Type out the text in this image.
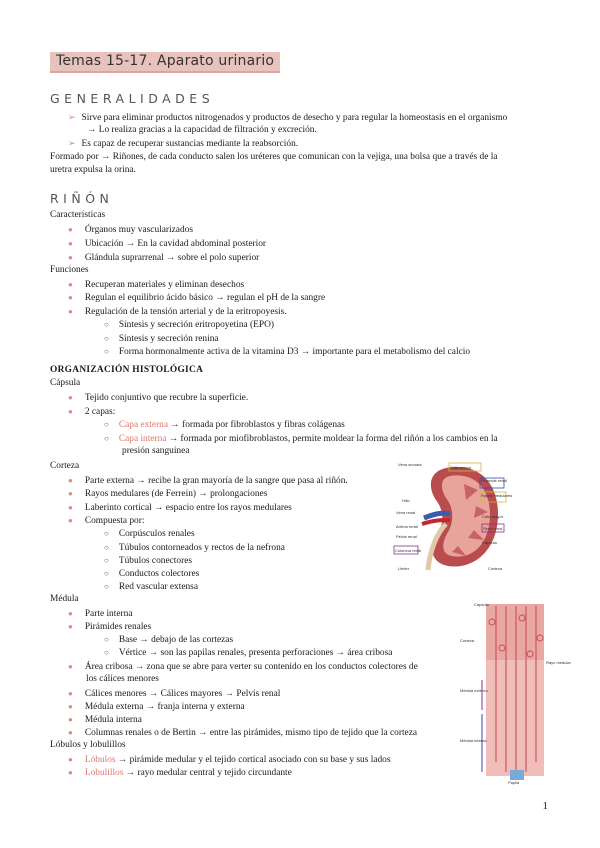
Temas 15-17. Aparato urinario
GENERALIDADES
➢ Sirve para eliminar productos nitrogenados y productos de desecho y para regular la homeostasis en el organismo
→ Lo realiza gracias a la capacidad de filtración y excreción.
➢ Es capaz de recuperar sustancias mediante la reabsorción.
Formado por → Riñones, de cada conducto salen los uréteres que comunican con la vejiga, una bolsa que a través de la
uretra expulsa la orina.
RIÑÓN
Características
● Órganos muy vascularizados
● Ubicación → En la cavidad abdominal posterior
● Glándula suprarrenal → sobre el polo superior
Funciones
● Recuperan materiales y eliminan desechos
● Regulan el equilibrio ácido básico → regulan el pH de la sangre
● Regulación de la tensión arterial y de la eritropoyesis.
○ Síntesis y secreción eritropoyetina (EPO)
○ Síntesis y secreción renina
○ Forma hormonalmente activa de la vitamina D3 → importante para el metabolismo del calcio
ORGANIZACIÓN HISTOLÓGICA
Cápsula
● Tejido conjuntivo que recubre la superficie.
● 2 capas:
○ Capa externa → formada por fibroblastos y fibras colágenas
○ Capa interna → formada por miofibroblastos, permite moldear la forma del riñón a los cambios en la
presión sanguínea
Corteza
● Parte externa → recibe la gran mayoría de la sangre que pasa al riñón.
● Rayos medulares (de Ferrein) → prolongaciones
● Laberinto cortical → espacio entre los rayos medulares
● Compuesta por:
○ Corpúsculos renales
○ Túbulos contorneados y rectos de la nefrona
○ Túbulos conectores
○ Conductos colectores
○ Red vascular extensa
Médula
● Parte interna
● Pirámides renales
○ Base → debajo de las cortezas
○ Vértice → son las papilas renales, presenta perforaciones → área cribosa
● Área cribosa → zona que se abre para verter su contenido en los conductos colectores de
los cálices menores
● Cálices menores → Cálices mayores → Pelvis renal
● Médula externa → franja interna y externa
● Médula interna
● Columnas renales o de Bertin → entre las pirámides, mismo tipo de tejido que la corteza
Lóbulos y lobulillos
● Lóbulos → pirámide medular y el tejido cortical asociado con su base y sus lados
● Lobulillos → rayo medular central y tejido circundante
Vena arcuata
Cáliz menor
Pirámide renal
Rayos medulares
Hilio
Vena renal
Arteria renal
Pelvis renal
Cáliz mayor
Seno renal
Uréter
Cápsula
Columna renal
Corteza
Cápsula
Corteza
Rayo medular
Médula externa
Médula interna
Papila
1
